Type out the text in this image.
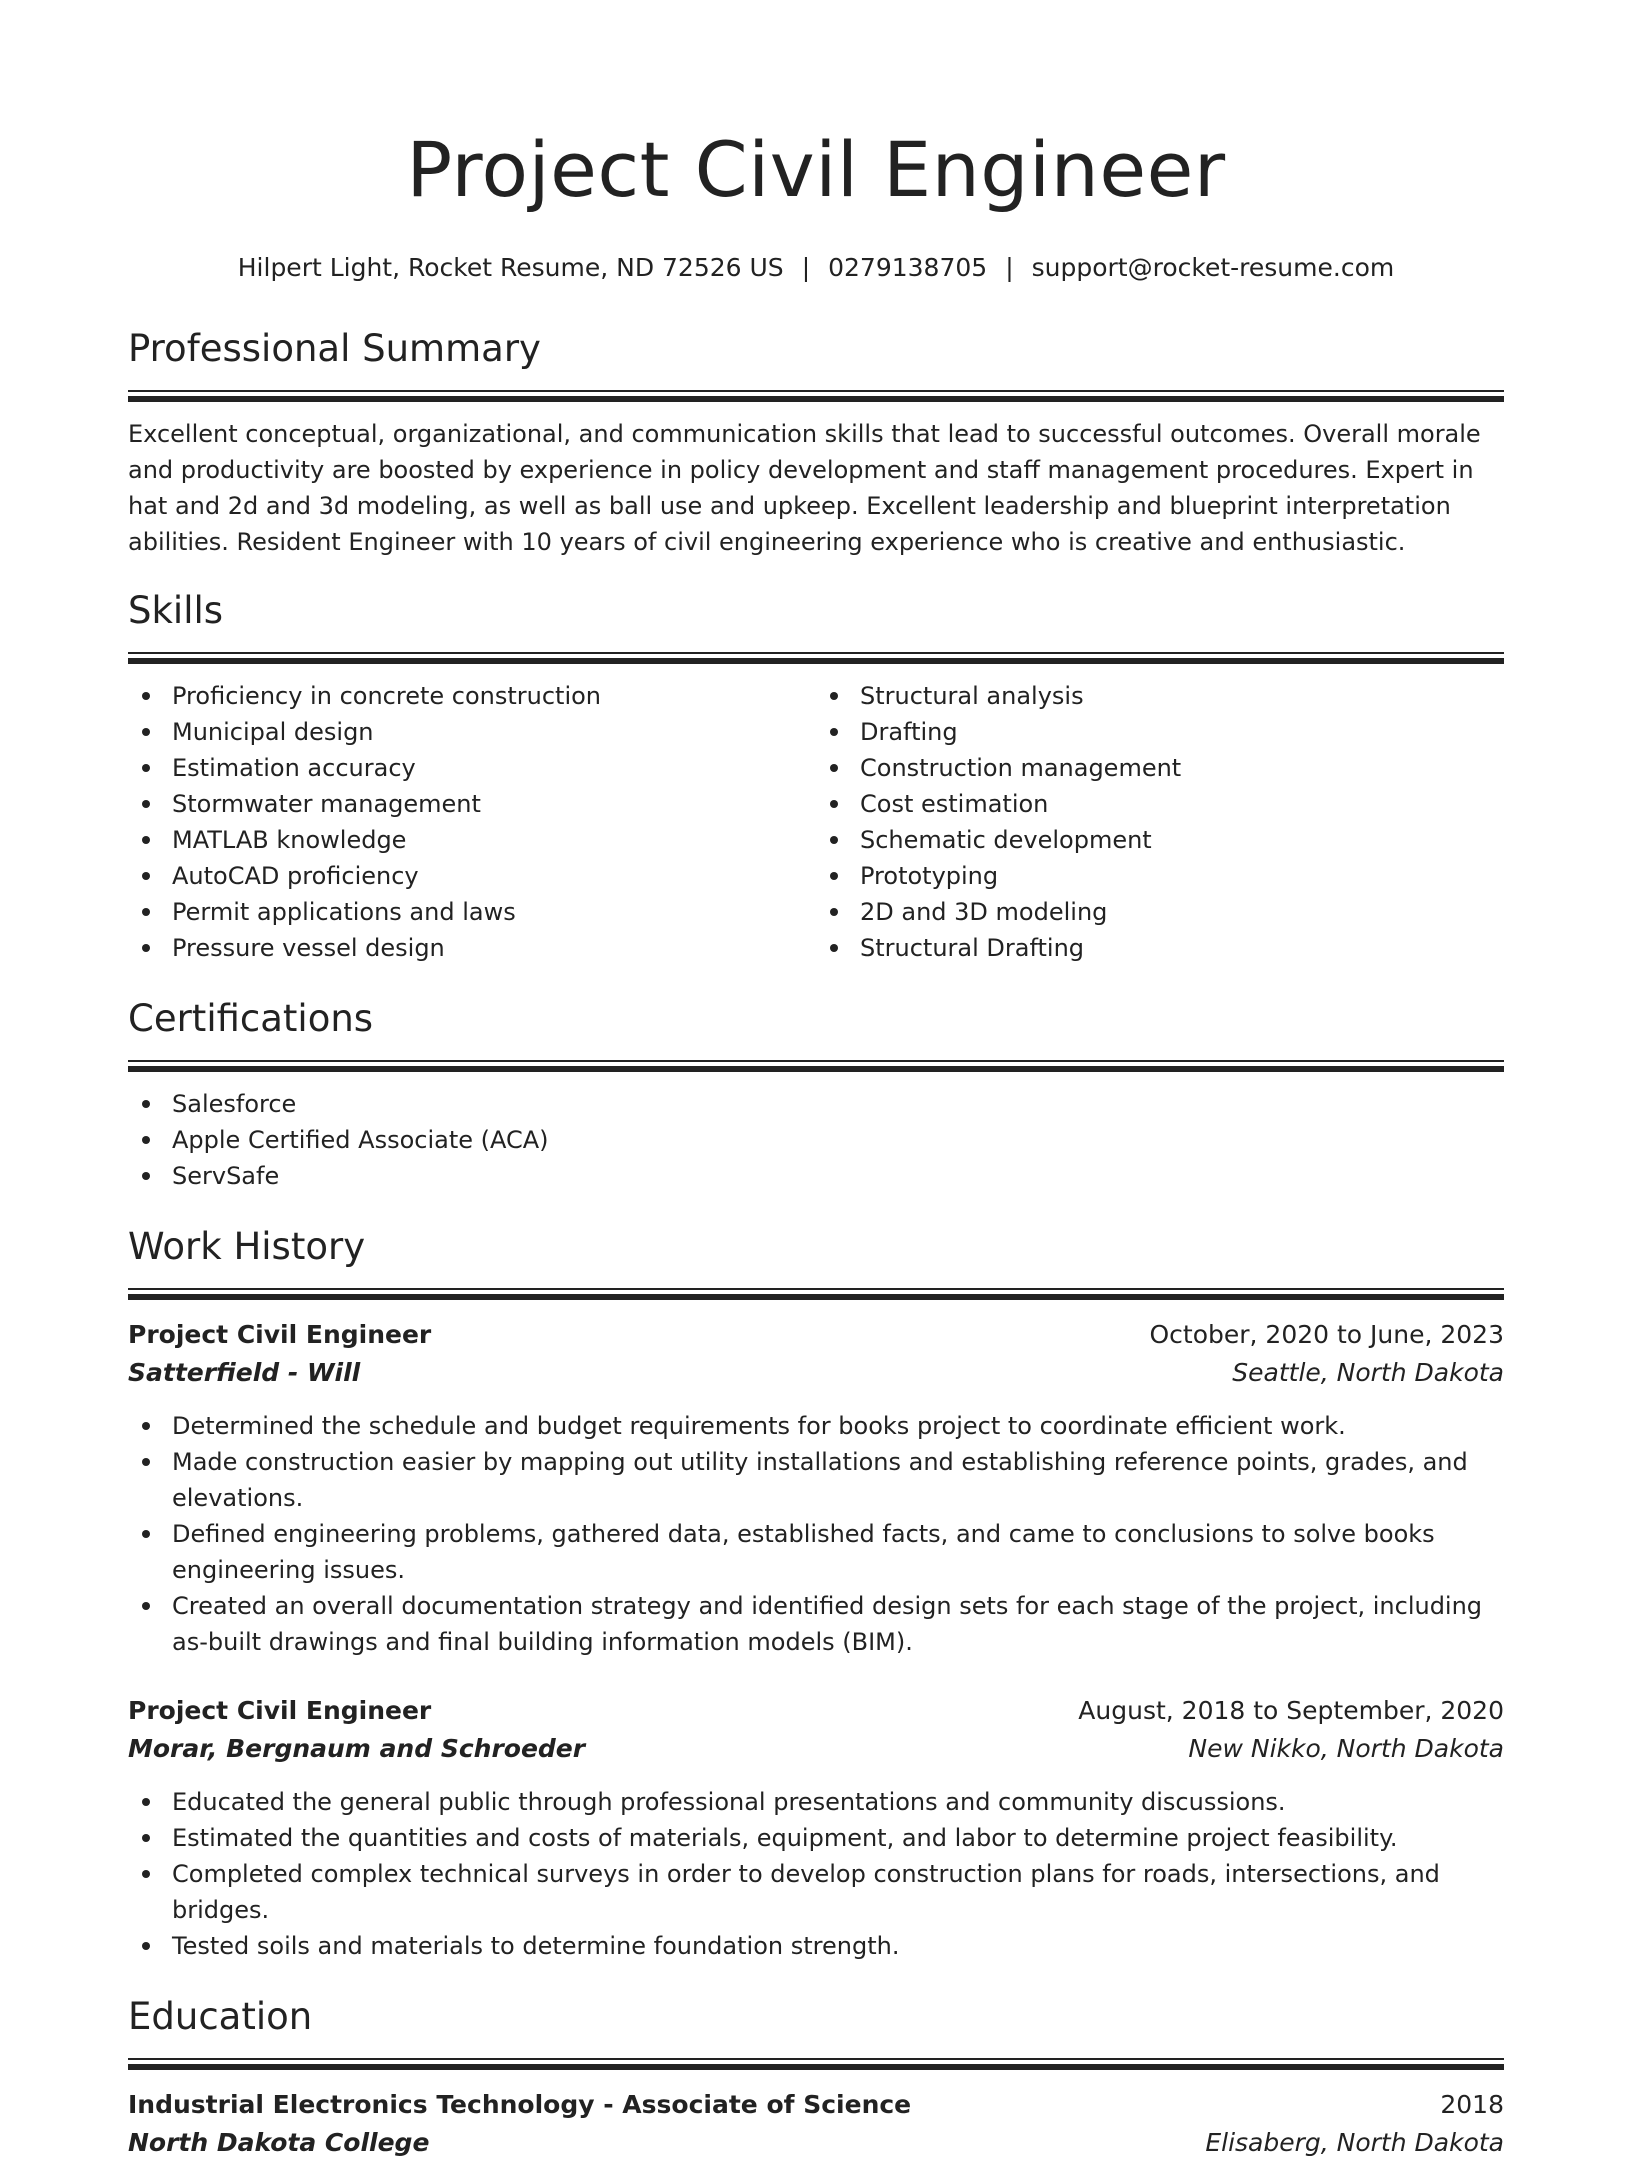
Project Civil Engineer
Hilpert Light, Rocket Resume, ND 72526 US | 0279138705 | support@rocket-resume.com
Professional Summary

Excellent conceptual, organizational, and communication skills that lead to successful outcomes. Overall morale and productivity are boosted by experience in policy development and staff management procedures. Expert in hat and 2d and 3d modeling, as well as ball use and upkeep. Excellent leadership and blueprint interpretation abilities. Resident Engineer with 10 years of civil engineering experience who is creative and enthusiastic.

Skills
Proficiency in concrete construction
Municipal design
Estimation accuracy
Stormwater management
MATLAB knowledge
AutoCAD proficiency
Permit applications and laws
Pressure vessel design
Structural analysis
Drafting
Construction management
Cost estimation
Schematic development
Prototyping
2D and 3D modeling
Structural Drafting
Certifications
Salesforce
Apple Certified Associate (ACA)
ServSafe
Work History
Project Civil Engineer	October, 2020 to June, 2023
Satterfield - Will	Seattle, North Dakota
Determined the schedule and budget requirements for books project to coordinate efficient work.
Made construction easier by mapping out utility installations and establishing reference points, grades, and elevations.
Defined engineering problems, gathered data, established facts, and came to conclusions to solve books engineering issues.
Created an overall documentation strategy and identified design sets for each stage of the project, including as-built drawings and final building information models (BIM).
Project Civil Engineer	August, 2018 to September, 2020
Morar, Bergnaum and Schroeder	New Nikko, North Dakota
Educated the general public through professional presentations and community discussions.
Estimated the quantities and costs of materials, equipment, and labor to determine project feasibility.
Completed complex technical surveys in order to develop construction plans for roads, intersections, and bridges.
Tested soils and materials to determine foundation strength.
Education
Industrial Electronics Technology - Associate of Science	2018
North Dakota College	Elisaberg, North Dakota
